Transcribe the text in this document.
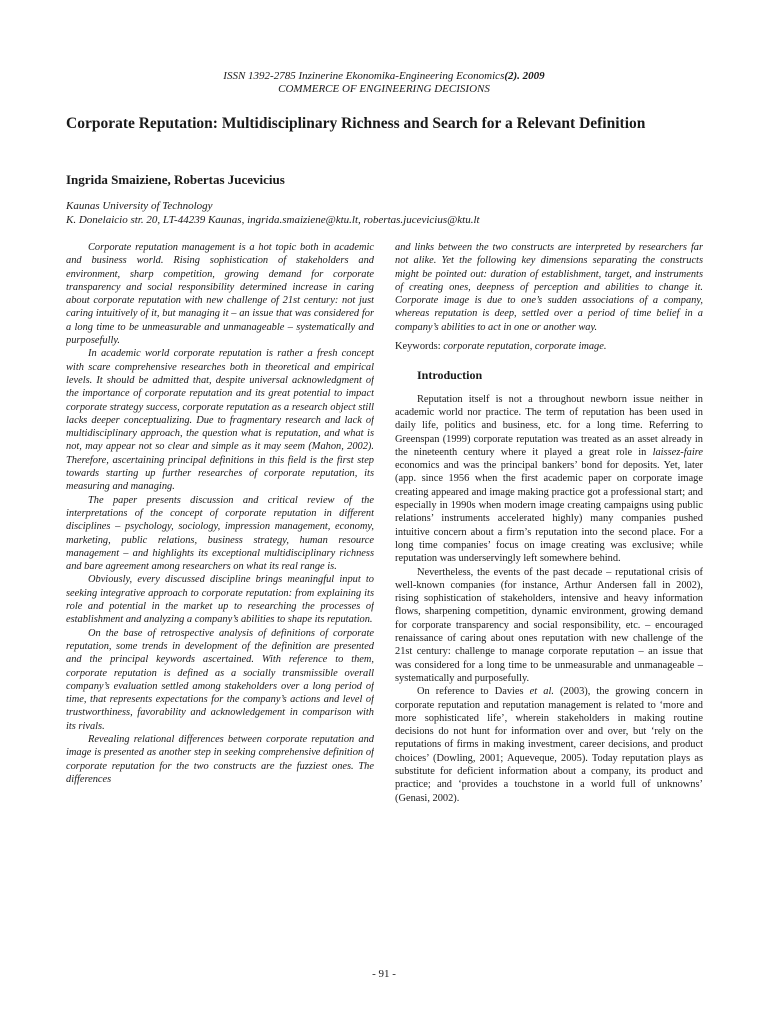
ISSN 1392-2785 Inzinerine Ekonomika-Engineering Economics(2). 2009
COMMERCE OF ENGINEERING DECISIONS
Corporate Reputation: Multidisciplinary Richness and Search for a Relevant Definition
Ingrida Smaiziene, Robertas Jucevicius
Kaunas University of Technology
K. Donelaicio str. 20, LT-44239 Kaunas, ingrida.smaiziene@ktu.lt, robertas.jucevicius@ktu.lt

Corporate reputation management is a hot topic both in academic and business world. Rising sophistication of stakeholders and environment, sharp competition, growing demand for corporate transparency and social responsibility determined increase in caring about corporate reputation with new challenge of 21st century: not just caring intuitively of it, but managing it – an issue that was considered for a long time to be unmeasurable and unmanageable – systematically and purposefully.

In academic world corporate reputation is rather a fresh concept with scare comprehensive researches both in theoretical and empirical levels. It should be admitted that, despite universal acknowledgment of the importance of corporate reputation and its great potential to impact corporate strategy success, corporate reputation as a research object still lacks deeper conceptualizing. Due to fragmentary research and lack of multidisciplinary approach, the question what is reputation, and what is not, may appear not so clear and simple as it may seem (Mahon, 2002). Therefore, ascertaining principal definitions in this field is the first step towards starting up further researches of corporate reputation, its measuring and managing.

The paper presents discussion and critical review of the interpretations of the concept of corporate reputation in different disciplines – psychology, sociology, impression management, economy, marketing, public relations, business strategy, human resource management – and highlights its exceptional multidisciplinary richness and bare agreement among researchers on what its real range is.

Obviously, every discussed discipline brings meaningful input to seeking integrative approach to corporate reputation: from explaining its role and potential in the market up to researching the processes of establishment and analyzing a company’s abilities to shape its reputation.

On the base of retrospective analysis of definitions of corporate reputation, some trends in development of the definition are presented and the principal keywords ascertained. With reference to them, corporate reputation is defined as a socially transmissible overall company’s evaluation settled among stakeholders over a long period of time, that represents expectations for the company’s actions and level of trustworthiness, favorability and acknowledgement in comparison with its rivals.

Revealing relational differences between corporate reputation and image is presented as another step in seeking comprehensive definition of corporate reputation for the two constructs are the fuzziest ones. The differences

and links between the two constructs are interpreted by researchers far not alike. Yet the following key dimensions separating the constructs might be pointed out: duration of establishment, target, and instruments of creating ones, deepness of perception and abilities to change it. Corporate image is due to one’s sudden associations of a company, whereas reputation is deep, settled over a period of time belief in a company’s abilities to act in one or another way.

Keywords: corporate reputation, corporate image.

Introduction

Reputation itself is not a throughout newborn issue neither in academic world nor practice. The term of reputation has been used in daily life, politics and business, etc. for a long time. Referring to Greenspan (1999) corporate reputation was treated as an asset already in the nineteenth century where it played a great role in laissez-faire economics and was the principal bankers’ bond for deposits. Yet, later (app. since 1956 when the first academic paper on corporate image creating appeared and image making practice got a professional start; and especially in 1990s when modern image creating campaigns using public relations’ instruments accelerated highly) many companies pushed intuitive concern about a firm’s reputation into the second place. For a long time companies’ focus on image creating was exclusive; while reputation was underservingly left somewhere behind.

Nevertheless, the events of the past decade – reputational crisis of well-known companies (for instance, Arthur Andersen fall in 2002), rising sophistication of stakeholders, intensive and heavy information flows, sharpening competition, dynamic environment, growing demand for corporate transparency and social responsibility, etc. – encouraged renaissance of caring about ones reputation with new challenge of the 21st century: challenge to manage corporate reputation – an issue that was considered for a long time to be unmeasurable and unmanageable – systematically and purposefully.

On reference to Davies et al. (2003), the growing concern in corporate reputation and reputation management is related to ‘more and more sophisticated life’, wherein stakeholders in making routine decisions do not hunt for information over and over, but ‘rely on the reputations of firms in making investment, career decisions, and product choices’ (Dowling, 2001; Aqueveque, 2005). Today reputation plays as substitute for deficient information about a company, its product and practice; and ‘provides a touchstone in a world full of unknowns’ (Genasi, 2002).

- 91 -
